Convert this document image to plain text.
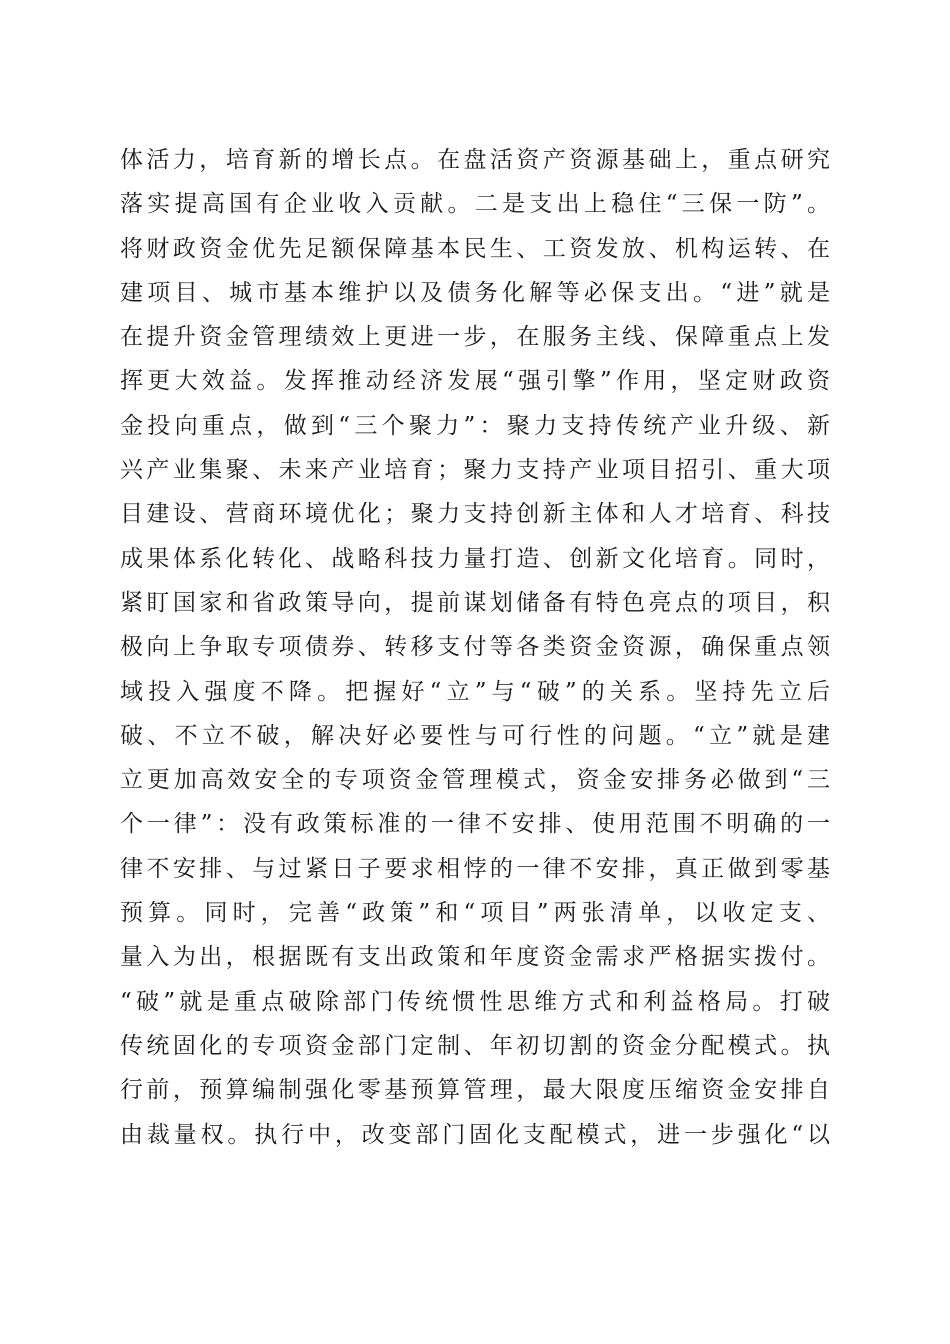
体活力，培育新的增长点。在盘活资产资源基础上，重点研究
落实提高国有企业收入贡献。二是支出上稳住“三保一防”。
将财政资金优先足额保障基本民生、工资发放、机构运转、在
建项目、城市基本维护以及债务化解等必保支出。“进”就是
在提升资金管理绩效上更进一步，在服务主线、保障重点上发
挥更大效益。发挥推动经济发展“强引擎”作用，坚定财政资
金投向重点，做到“三个聚力”：聚力支持传统产业升级、新
兴产业集聚、未来产业培育；聚力支持产业项目招引、重大项
目建设、营商环境优化；聚力支持创新主体和人才培育、科技
成果体系化转化、战略科技力量打造、创新文化培育。同时，
紧盯国家和省政策导向，提前谋划储备有特色亮点的项目，积
极向上争取专项债券、转移支付等各类资金资源，确保重点领
域投入强度不降。把握好“立”与“破”的关系。坚持先立后
破、不立不破，解决好必要性与可行性的问题。“立”就是建
立更加高效安全的专项资金管理模式，资金安排务必做到“三
个一律”：没有政策标准的一律不安排、使用范围不明确的一
律不安排、与过紧日子要求相悖的一律不安排，真正做到零基
预算。同时，完善“政策”和“项目”两张清单，以收定支、
量入为出，根据既有支出政策和年度资金需求严格据实拨付。
“破”就是重点破除部门传统惯性思维方式和利益格局。打破
传统固化的专项资金部门定制、年初切割的资金分配模式。执
行前，预算编制强化零基预算管理，最大限度压缩资金安排自
由裁量权。执行中，改变部门固化支配模式，进一步强化“以
